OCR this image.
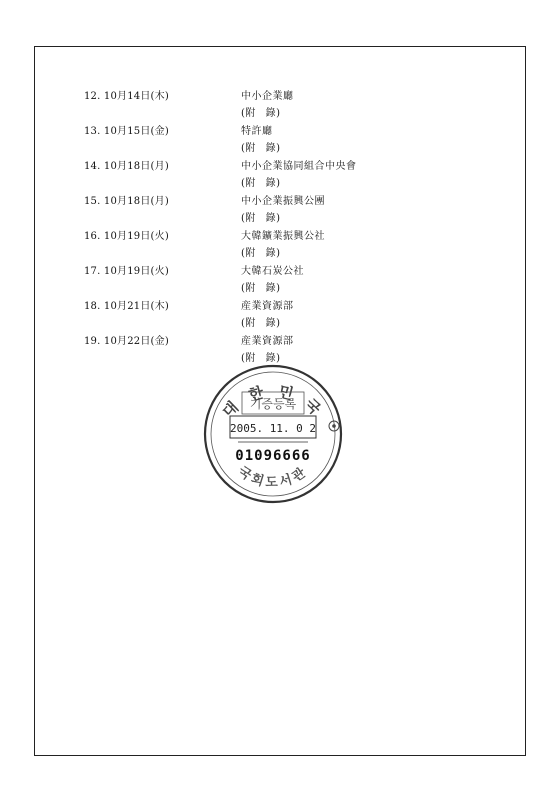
12. 10月14日(木)	中小企業廳
(附 錄)
13. 10月15日(金)	特許廳
(附 錄)
14. 10月18日(月)	中小企業協同組合中央會
(附 錄)
15. 10月18日(月)	中小企業振興公團
(附 錄)
16. 10月19日(火)	大韓鑛業振興公社
(附 錄)
17. 10月19日(火)	大韓石炭公社
(附 錄)
18. 10月21日(木)	産業資源部
(附 錄)
19. 10月22日(金)	産業資源部
(附 錄)
대 한 민 국
국회도서관
기증등록
2005. 11. 0 2
01096666
